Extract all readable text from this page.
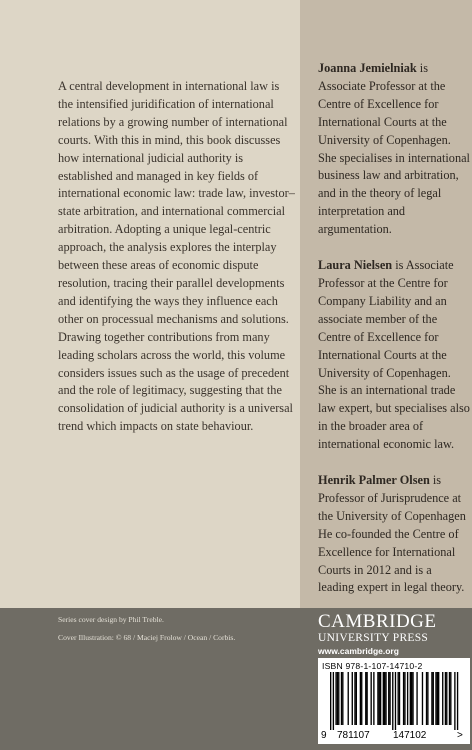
A central development in international law is the intensified juridification of international relations by a growing number of international courts. With this in mind, this book discusses how international judicial authority is established and managed in key fields of international economic law: trade law, investor–state arbitration, and international commercial arbitration. Adopting a unique legal-centric approach, the analysis explores the interplay between these areas of economic dispute resolution, tracing their parallel developments and identifying the ways they influence each other on processual mechanisms and solutions. Drawing together contributions from many leading scholars across the world, this volume considers issues such as the usage of precedent and the role of legitimacy, suggesting that the consolidation of judicial authority is a universal trend which impacts on state behaviour.

Joanna Jemielniak is Associate Professor at the Centre of Excellence for International Courts at the University of Copenhagen. She specialises in international business law and arbitration, and in the theory of legal interpretation and argumentation.

Laura Nielsen is Associate Professor at the Centre for Company Liability and an associate member of the Centre of Excellence for International Courts at the University of Copenhagen. She is an international trade law expert, but specialises also in the broader area of international economic law.

Henrik Palmer Olsen is Professor of Jurisprudence at the University of Copenhagen He co-founded the Centre of Excellence for International Courts in 2012 and is a leading expert in legal theory.

Series cover design by Phil Treble.
Cover Illustration: © 68 / Maciej Frolow / Ocean / Corbis.
CAMBRIDGE
UNIVERSITY PRESS
www.cambridge.org
ISBN 978-1-107-14710-2
9 781107 147102	>
